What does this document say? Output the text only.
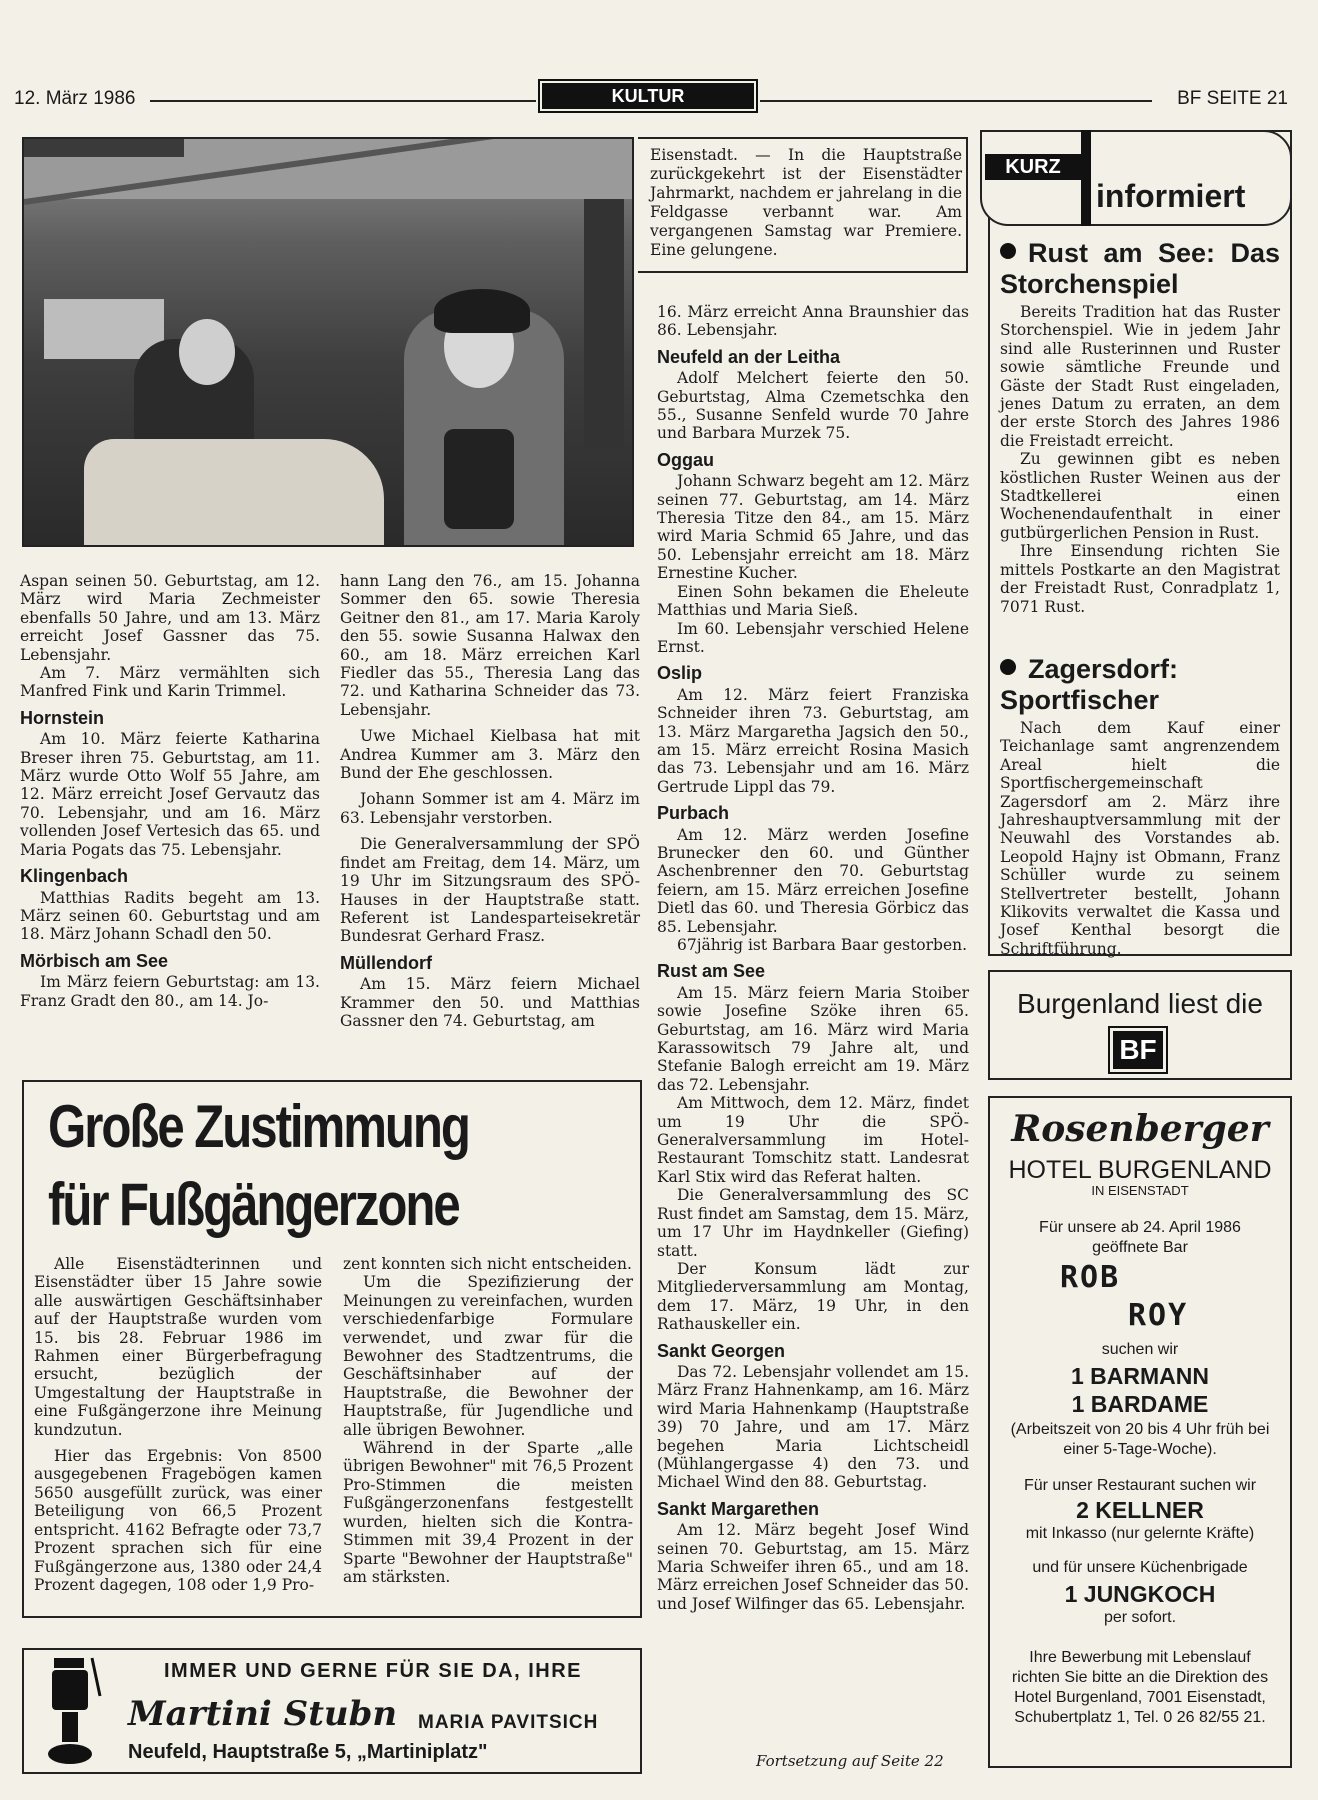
12. März 1986	KULTUR	BF SEITE 21
Eisenstadt. — In die Hauptstraße zurückgekehrt ist der Eisenstädter Jahrmarkt, nachdem er jahrelang in die Feldgasse verbannt war. Am vergangenen Samstag war Premiere. Eine gelungene.

Aspan seinen 50. Geburtstag, am 12. März wird Maria Zechmeister ebenfalls 50 Jahre, und am 13. März erreicht Josef Gassner das 75. Lebensjahr.

Am 7. März vermählten sich Manfred Fink und Karin Trimmel.

Hornstein

Am 10. März feierte Katharina Breser ihren 75. Geburtstag, am 11. März wurde Otto Wolf 55 Jahre, am 12. März erreicht Josef Gervautz das 70. Lebensjahr, und am 16. März vollenden Josef Vertesich das 65. und Maria Pogats das 75. Lebensjahr.

Klingenbach

Matthias Radits begeht am 13. März seinen 60. Geburtstag und am 18. März Johann Schadl den 50.

Mörbisch am See

Im März feiern Geburtstag: am 13. Franz Gradt den 80., am 14. Jo-

hann Lang den 76., am 15. Johanna Sommer den 65. sowie Theresia Geitner den 81., am 17. Maria Karoly den 55. sowie Susanna Halwax den 60., am 18. März erreichen Karl Fiedler das 55., Theresia Lang das 72. und Katharina Schneider das 73. Lebensjahr.

Uwe Michael Kielbasa hat mit Andrea Kummer am 3. März den Bund der Ehe geschlossen.

Johann Sommer ist am 4. März im 63. Lebensjahr verstorben.

Die Generalversammlung der SPÖ findet am Freitag, dem 14. März, um 19 Uhr im Sitzungsraum des SPÖ-Hauses in der Hauptstraße statt. Referent ist Landesparteisekretär Bundesrat Gerhard Frasz.

Müllendorf

Am 15. März feiern Michael Krammer den 50. und Matthias Gassner den 74. Geburtstag, am

16. März erreicht Anna Braunshier das 86. Lebensjahr.

Neufeld an der Leitha

Adolf Melchert feierte den 50. Geburtstag, Alma Czemetschka den 55., Susanne Senfeld wurde 70 Jahre und Barbara Murzek 75.

Oggau

Johann Schwarz begeht am 12. März seinen 77. Geburtstag, am 14. März Theresia Titze den 84., am 15. März wird Maria Schmid 65 Jahre, und das 50. Lebensjahr erreicht am 18. März Ernestine Kucher.

Einen Sohn bekamen die Eheleute Matthias und Maria Sieß.

Im 60. Lebensjahr verschied Helene Ernst.

Oslip

Am 12. März feiert Franziska Schneider ihren 73. Geburtstag, am 13. März Margaretha Jagsich den 50., am 15. März erreicht Rosina Masich das 73. Lebensjahr und am 16. März Gertrude Lippl das 79.

Purbach

Am 12. März werden Josefine Brunecker den 60. und Günther Aschenbrenner den 70. Geburtstag feiern, am 15. März erreichen Josefine Dietl das 60. und Theresia Görbicz das 85. Lebensjahr.

67jährig ist Barbara Baar gestorben.

Rust am See

Am 15. März feiern Maria Stoiber sowie Josefine Szöke ihren 65. Geburtstag, am 16. März wird Maria Karassowitsch 79 Jahre alt, und Stefanie Balogh erreicht am 19. März das 72. Lebensjahr.

Am Mittwoch, dem 12. März, findet um 19 Uhr die SPÖ-Generalversammlung im Hotel-Restaurant Tomschitz statt. Landesrat Karl Stix wird das Referat halten.

Die Generalversammlung des SC Rust findet am Samstag, dem 15. März, um 17 Uhr im Haydnkeller (Giefing) statt.

Der Konsum lädt zur Mitgliederversammlung am Montag, dem 17. März, 19 Uhr, in den Rathauskeller ein.

Sankt Georgen

Das 72. Lebensjahr vollendet am 15. März Franz Hahnenkamp, am 16. März wird Maria Hahnenkamp (Hauptstraße 39) 70 Jahre, und am 17. März begehen Maria Lichtscheidl (Mühlangergasse 4) den 73. und Michael Wind den 88. Geburtstag.

Sankt Margarethen

Am 12. März begeht Josef Wind seinen 70. Geburtstag, am 15. März Maria Schweifer ihren 65., und am 18. März erreichen Josef Schneider das 50. und Josef Wilfinger das 65. Lebensjahr.

Fortsetzung auf Seite 22
Große Zustimmung
für Fußgängerzone

Alle Eisenstädterinnen und Eisenstädter über 15 Jahre sowie alle auswärtigen Geschäftsinhaber auf der Hauptstraße wurden vom 15. bis 28. Februar 1986 im Rahmen einer Bürgerbefragung ersucht, bezüglich der Umgestaltung der Hauptstraße in eine Fußgängerzone ihre Meinung kundzutun.

Hier das Ergebnis: Von 8500 ausgegebenen Fragebögen kamen 5650 ausgefüllt zurück, was einer Beteiligung von 66,5 Prozent entspricht. 4162 Befragte oder 73,7 Prozent sprachen sich für eine Fußgängerzone aus, 1380 oder 24,4 Prozent dagegen, 108 oder 1,9 Pro-

zent konnten sich nicht entscheiden.

Um die Spezifizierung der Meinungen zu vereinfachen, wurden verschiedenfarbige Formulare verwendet, und zwar für die Bewohner des Stadtzentrums, die Geschäftsinhaber auf der Hauptstraße, die Bewohner der Hauptstraße, für Jugendliche und alle übrigen Bewohner.

Während in der Sparte „alle übrigen Bewohner" mit 76,5 Prozent Pro-Stimmen die meisten Fußgängerzonenfans festgestellt wurden, hielten sich die Kontra-Stimmen mit 39,4 Prozent in der Sparte "Bewohner der Hauptstraße" am stärksten.

IMMER UND GERNE FÜR SIE DA, IHRE
Martini Stubn MARIA PAVITSICH
Neufeld, Hauptstraße 5, „Martiniplatz"
KURZ
informiert
Rust am See: Das Storchenspiel

Bereits Tradition hat das Ruster Storchenspiel. Wie in jedem Jahr sind alle Rusterinnen und Ruster sowie sämtliche Freunde und Gäste der Stadt Rust eingeladen, jenes Datum zu erraten, an dem der erste Storch des Jahres 1986 die Freistadt erreicht.

Zu gewinnen gibt es neben köstlichen Ruster Weinen aus der Stadtkellerei einen Wochenendaufenthalt in einer gutbürgerlichen Pension in Rust.

Ihre Einsendung richten Sie mittels Postkarte an den Magistrat der Freistadt Rust, Conradplatz 1, 7071 Rust.

Zagersdorf: Sportfischer

Nach dem Kauf einer Teichanlage samt angrenzendem Areal hielt die Sportfischergemeinschaft Zagersdorf am 2. März ihre Jahreshauptversammlung mit der Neuwahl des Vorstandes ab. Leopold Hajny ist Obmann, Franz Schüller wurde zu seinem Stellvertreter bestellt, Johann Klikovits verwaltet die Kassa und Josef Kenthal besorgt die Schriftführung.

Burgenland liest die
BF
Rosenberger
HOTEL BURGENLAND
IN EISENSTADT
Für unsere ab 24. April 1986
geöffnete Bar
ROB
ROY
suchen wir
1 BARMANN
1 BARDAME
(Arbeitszeit von 20 bis 4 Uhr früh bei einer 5-Tage-Woche).
Für unser Restaurant suchen wir
2 KELLNER
mit Inkasso (nur gelernte Kräfte)
und für unsere Küchenbrigade
1 JUNGKOCH
per sofort.
Ihre Bewerbung mit Lebenslauf richten Sie bitte an die Direktion des Hotel Burgenland, 7001 Eisenstadt, Schubertplatz 1, Tel. 0 26 82/55 21.
